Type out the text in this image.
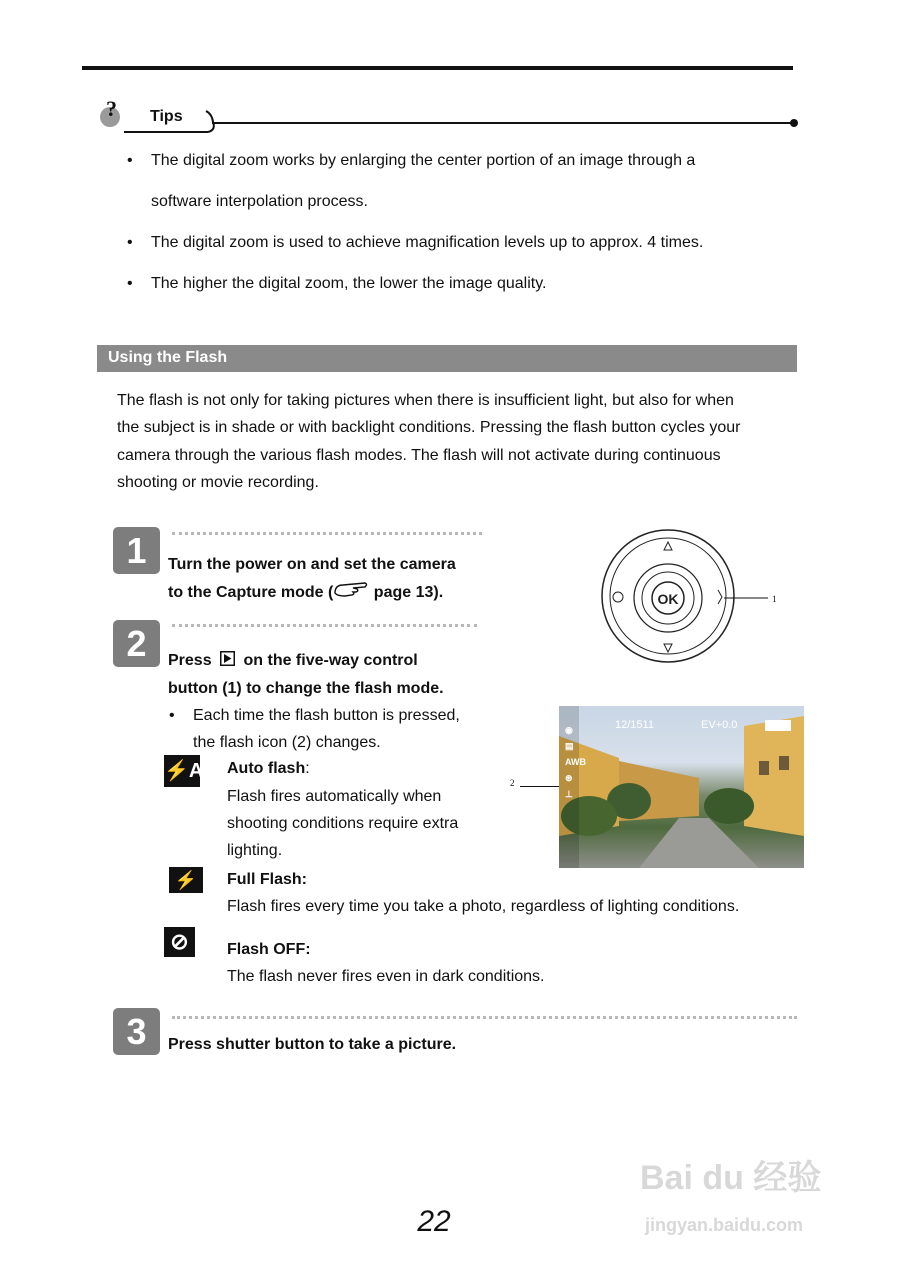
? Tips
• The digital zoom works by enlarging the center portion of an image through a
software interpolation process.
• The digital zoom is used to achieve magnification levels up to approx. 4 times.
• The higher the digital zoom, the lower the image quality.
Using the Flash
The flash is not only for taking pictures when there is insufficient light, but also for when
the subject is in shade or with backlight conditions. Pressing the flash button cycles your
camera through the various flash modes. The flash will not activate during continuous
shooting or movie recording.
1	Turn the power on and set the camera
to the Capture mode ( page 13).
2	Press  on the five-way control
button (1) to change the flash mode.
• Each time the flash button is pressed,
the flash icon (2) changes.
⚡A Auto flash:
Flash fires automatically when
shooting conditions require extra
lighting.
⚡	Full Flash:
Flash fires every time you take a photo, regardless of lighting conditions.
⊘	Flash OFF:
The flash never fires even in dark conditions.
3	Press shutter button to take a picture.
OK	1
2
◉
▤
AWB
⊛
⊥
12/1511	EV+0.0
22
Bai du 经验
jingyan.baidu.com
